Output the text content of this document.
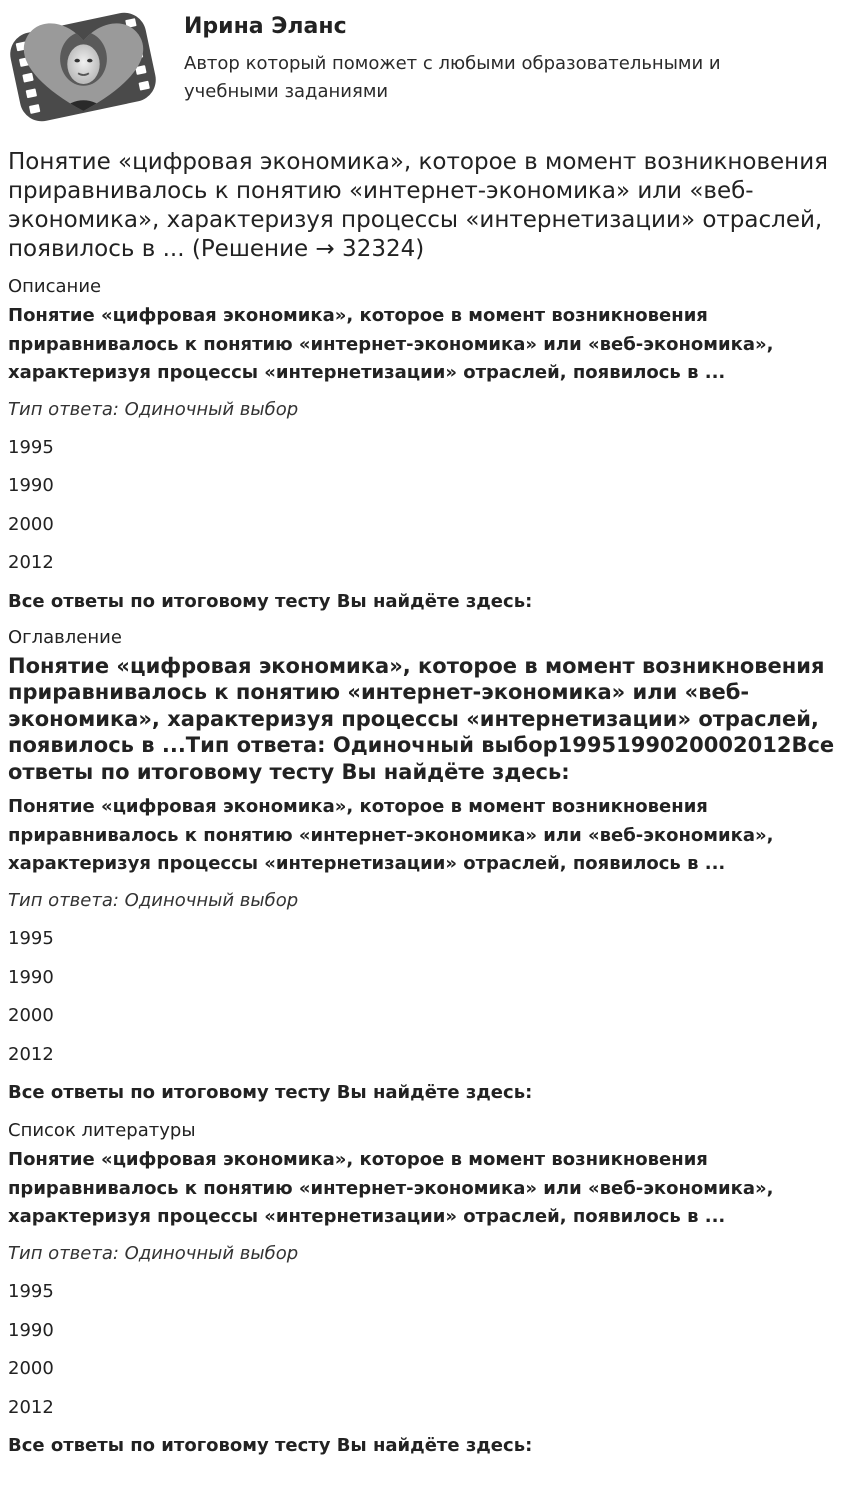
Ирина Эланс
Автор который поможет с любыми образовательными и учебными заданиями
Понятие «цифровая экономика», которое в момент возникновения приравнивалось к понятию «интернет-экономика» или «веб-экономика», характеризуя процессы «интернетизации» отраслей, появилось в ... (Решение → 32324)

Описание

Понятие «цифровая экономика», которое в момент возникновения приравнивалось к понятию «интернет-экономика» или «веб-экономика», характеризуя процессы «интернетизации» отраслей, появилось в ...

Тип ответа: Одиночный выбор

1995

1990

2000

2012

Все ответы по итоговому тесту Вы найдёте здесь:

Оглавление

Понятие «цифровая экономика», которое в момент возникновения приравнивалось к понятию «интернет-экономика» или «веб-экономика», характеризуя процессы «интернетизации» отраслей, появилось в ...Тип ответа: Одиночный выбор1995199020002012Все ответы по итоговому тесту Вы найдёте здесь:

Понятие «цифровая экономика», которое в момент возникновения приравнивалось к понятию «интернет-экономика» или «веб-экономика», характеризуя процессы «интернетизации» отраслей, появилось в ...

Тип ответа: Одиночный выбор

1995

1990

2000

2012

Все ответы по итоговому тесту Вы найдёте здесь:

Список литературы

Понятие «цифровая экономика», которое в момент возникновения приравнивалось к понятию «интернет-экономика» или «веб-экономика», характеризуя процессы «интернетизации» отраслей, появилось в ...

Тип ответа: Одиночный выбор

1995

1990

2000

2012

Все ответы по итоговому тесту Вы найдёте здесь:
